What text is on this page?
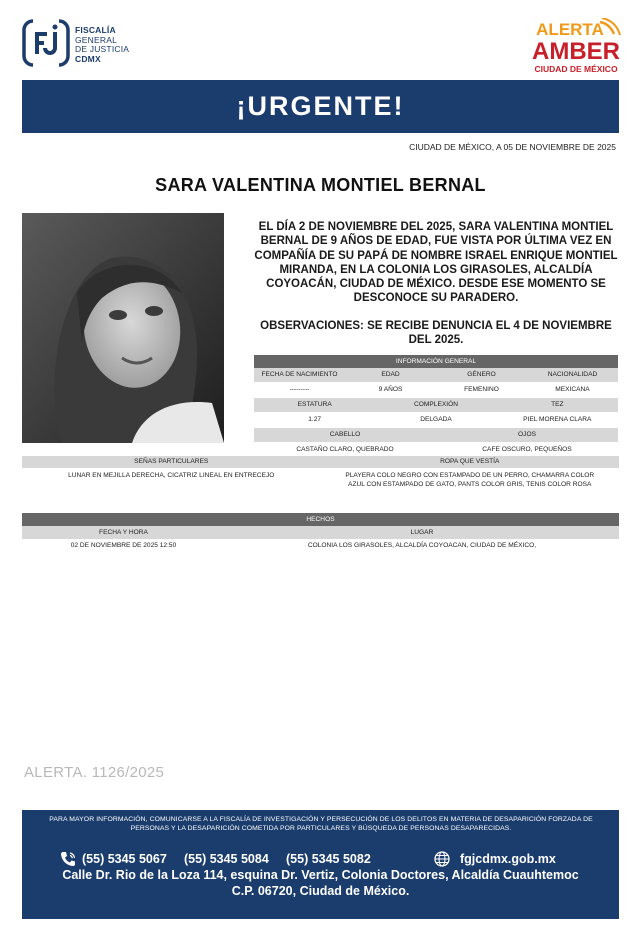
FISCALÍA
GENERAL
DE JUSTICIA
CDMX
ALERTA
AMBER
CIUDAD DE MÉXICO
¡URGENTE!
CIUDAD DE MÉXICO, A 05 DE NOVIEMBRE DE 2025
SARA VALENTINA MONTIEL BERNAL
EL DÍA 2 DE NOVIEMBRE DEL 2025, SARA VALENTINA MONTIEL BERNAL DE 9 AÑOS DE EDAD, FUE VISTA POR ÚLTIMA VEZ EN COMPAÑÍA DE SU PAPÁ DE NOMBRE ISRAEL ENRIQUE MONTIEL MIRANDA, EN LA COLONIA LOS GIRASOLES, ALCALDÍA COYOACÁN, CIUDAD DE MÉXICO. DESDE ESE MOMENTO SE DESCONOCE SU PARADERO.
OBSERVACIONES: SE RECIBE DENUNCIA EL 4 DE NOVIEMBRE DEL 2025.
INFORMACIÓN GENERAL
FECHA DE NACIMIENTO	EDAD	GÉNERO	NACIONALIDAD
---------	9 AÑOS	FEMENINO	MEXICANA
ESTATURA	COMPLEXIÓN	TEZ
1.27	DELGADA	PIEL MORENA CLARA
CABELLO	OJOS
CASTAÑO CLARO, QUEBRADO	CAFE OSCURO, PEQUEÑOS
SEÑAS PARTICULARES	ROPA QUE VESTÍA
LUNAR EN MEJILLA DERECHA, CICATRIZ LINEAL EN ENTRECEJO	PLAYERA COLO NEGRO CON ESTAMPADO DE UN PERRO, CHAMARRA COLOR AZUL CON ESTAMPADO DE GATO, PANTS COLOR GRIS, TENIS COLOR ROSA
HECHOS
FECHA Y HORA	LUGAR
02 DE NOVIEMBRE DE 2025 12:50	COLONIA LOS GIRASOLES, ALCALDÍA COYOACAN, CIUDAD DE MÉXICO,
ALERTA. 1126/2025
PARA MAYOR INFORMACIÓN, COMUNICARSE A LA FISCALÍA DE INVESTIGACIÓN Y PERSECUCIÓN DE LOS DELITOS EN MATERIA DE DESAPARICIÓN FORZADA DE PERSONAS Y LA DESAPARICIÓN COMETIDA POR PARTICULARES Y BÚSQUEDA DE PERSONAS DESAPARECIDAS.
(55) 5345 5067 (55) 5345 5084 (55) 5345 5082	fgjcdmx.gob.mx
Calle Dr. Rio de la Loza 114, esquina Dr. Vertiz, Colonia Doctores, Alcaldía Cuauhtemoc
C.P. 06720, Ciudad de México.
